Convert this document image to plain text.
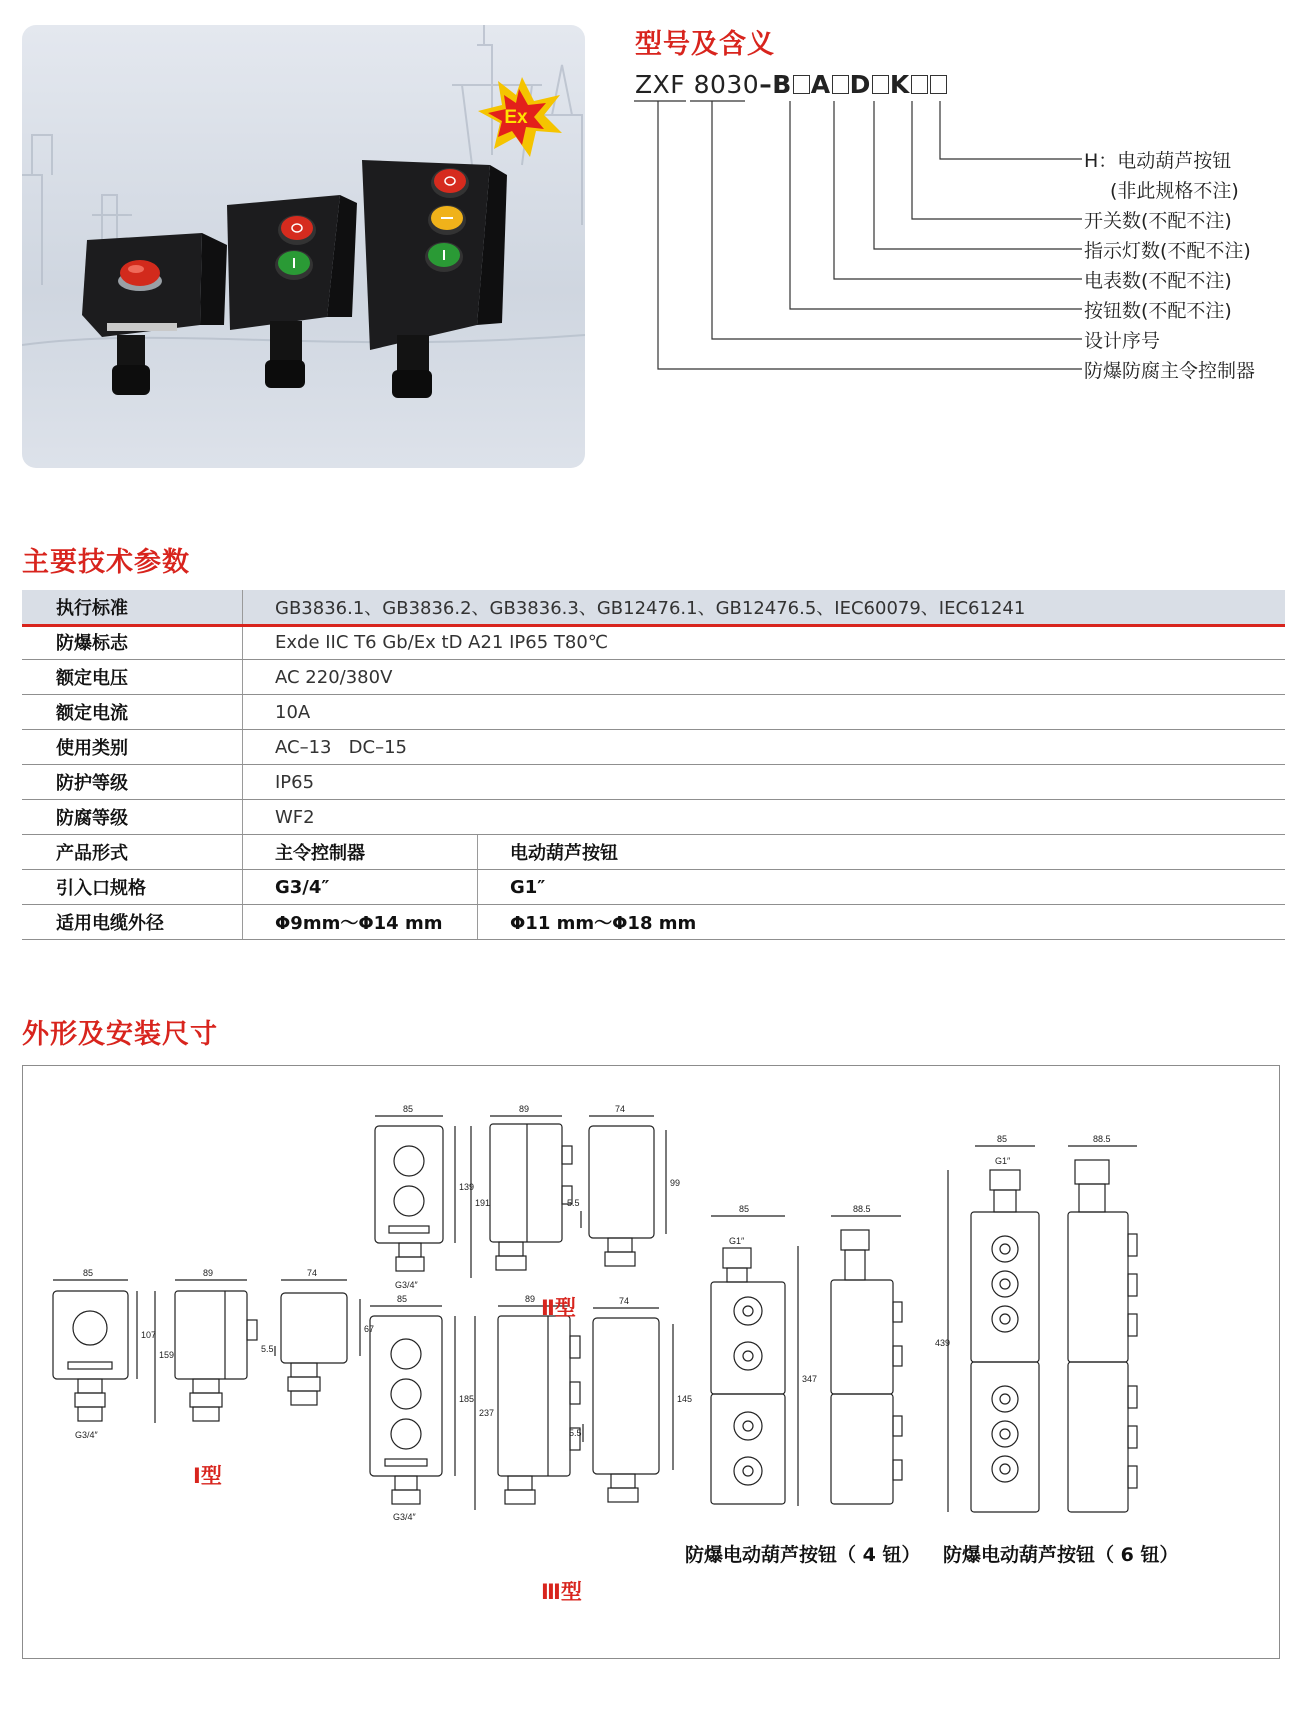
Ex
型号及含义
ZXF 8030–B A D K
H：电动葫芦按钮
(非此规格不注)
开关数(不配不注)
指示灯数(不配不注)
电表数(不配不注)
按钮数(不配不注)
设计序号
防爆防腐主令控制器
主要技术参数
执行标准	GB3836.1、GB3836.2、GB3836.3、GB12476.1、GB12476.5、IEC60079、IEC61241	
防爆标志	Exde IIC T6 Gb/Ex tD A21 IP65 T80℃	
额定电压	AC 220/380V	
额定电流	10A	
使用类别	AC–13   DC–15	
防护等级	IP65	
防腐等级	WF2	
产品形式	主令控制器	电动葫芦按钮
引入口规格	G3/4″	G1″
适用电缆外径	Φ9mm～Φ14 mm	Φ11 mm～Φ18 mm
外形及安装尺寸
85	89	74
107
159
67
5.5
G3/4″
85	89	74
139
191
99
5.5
G3/4″
85	89	74
185
237
145
5.5
G3/4″
85
G1″
347
88.5
85
G1″
439
88.5
Ⅰ型
Ⅱ型
Ⅲ型
防爆电动葫芦按钮（ 4 钮） 防爆电动葫芦按钮（ 6 钮）
